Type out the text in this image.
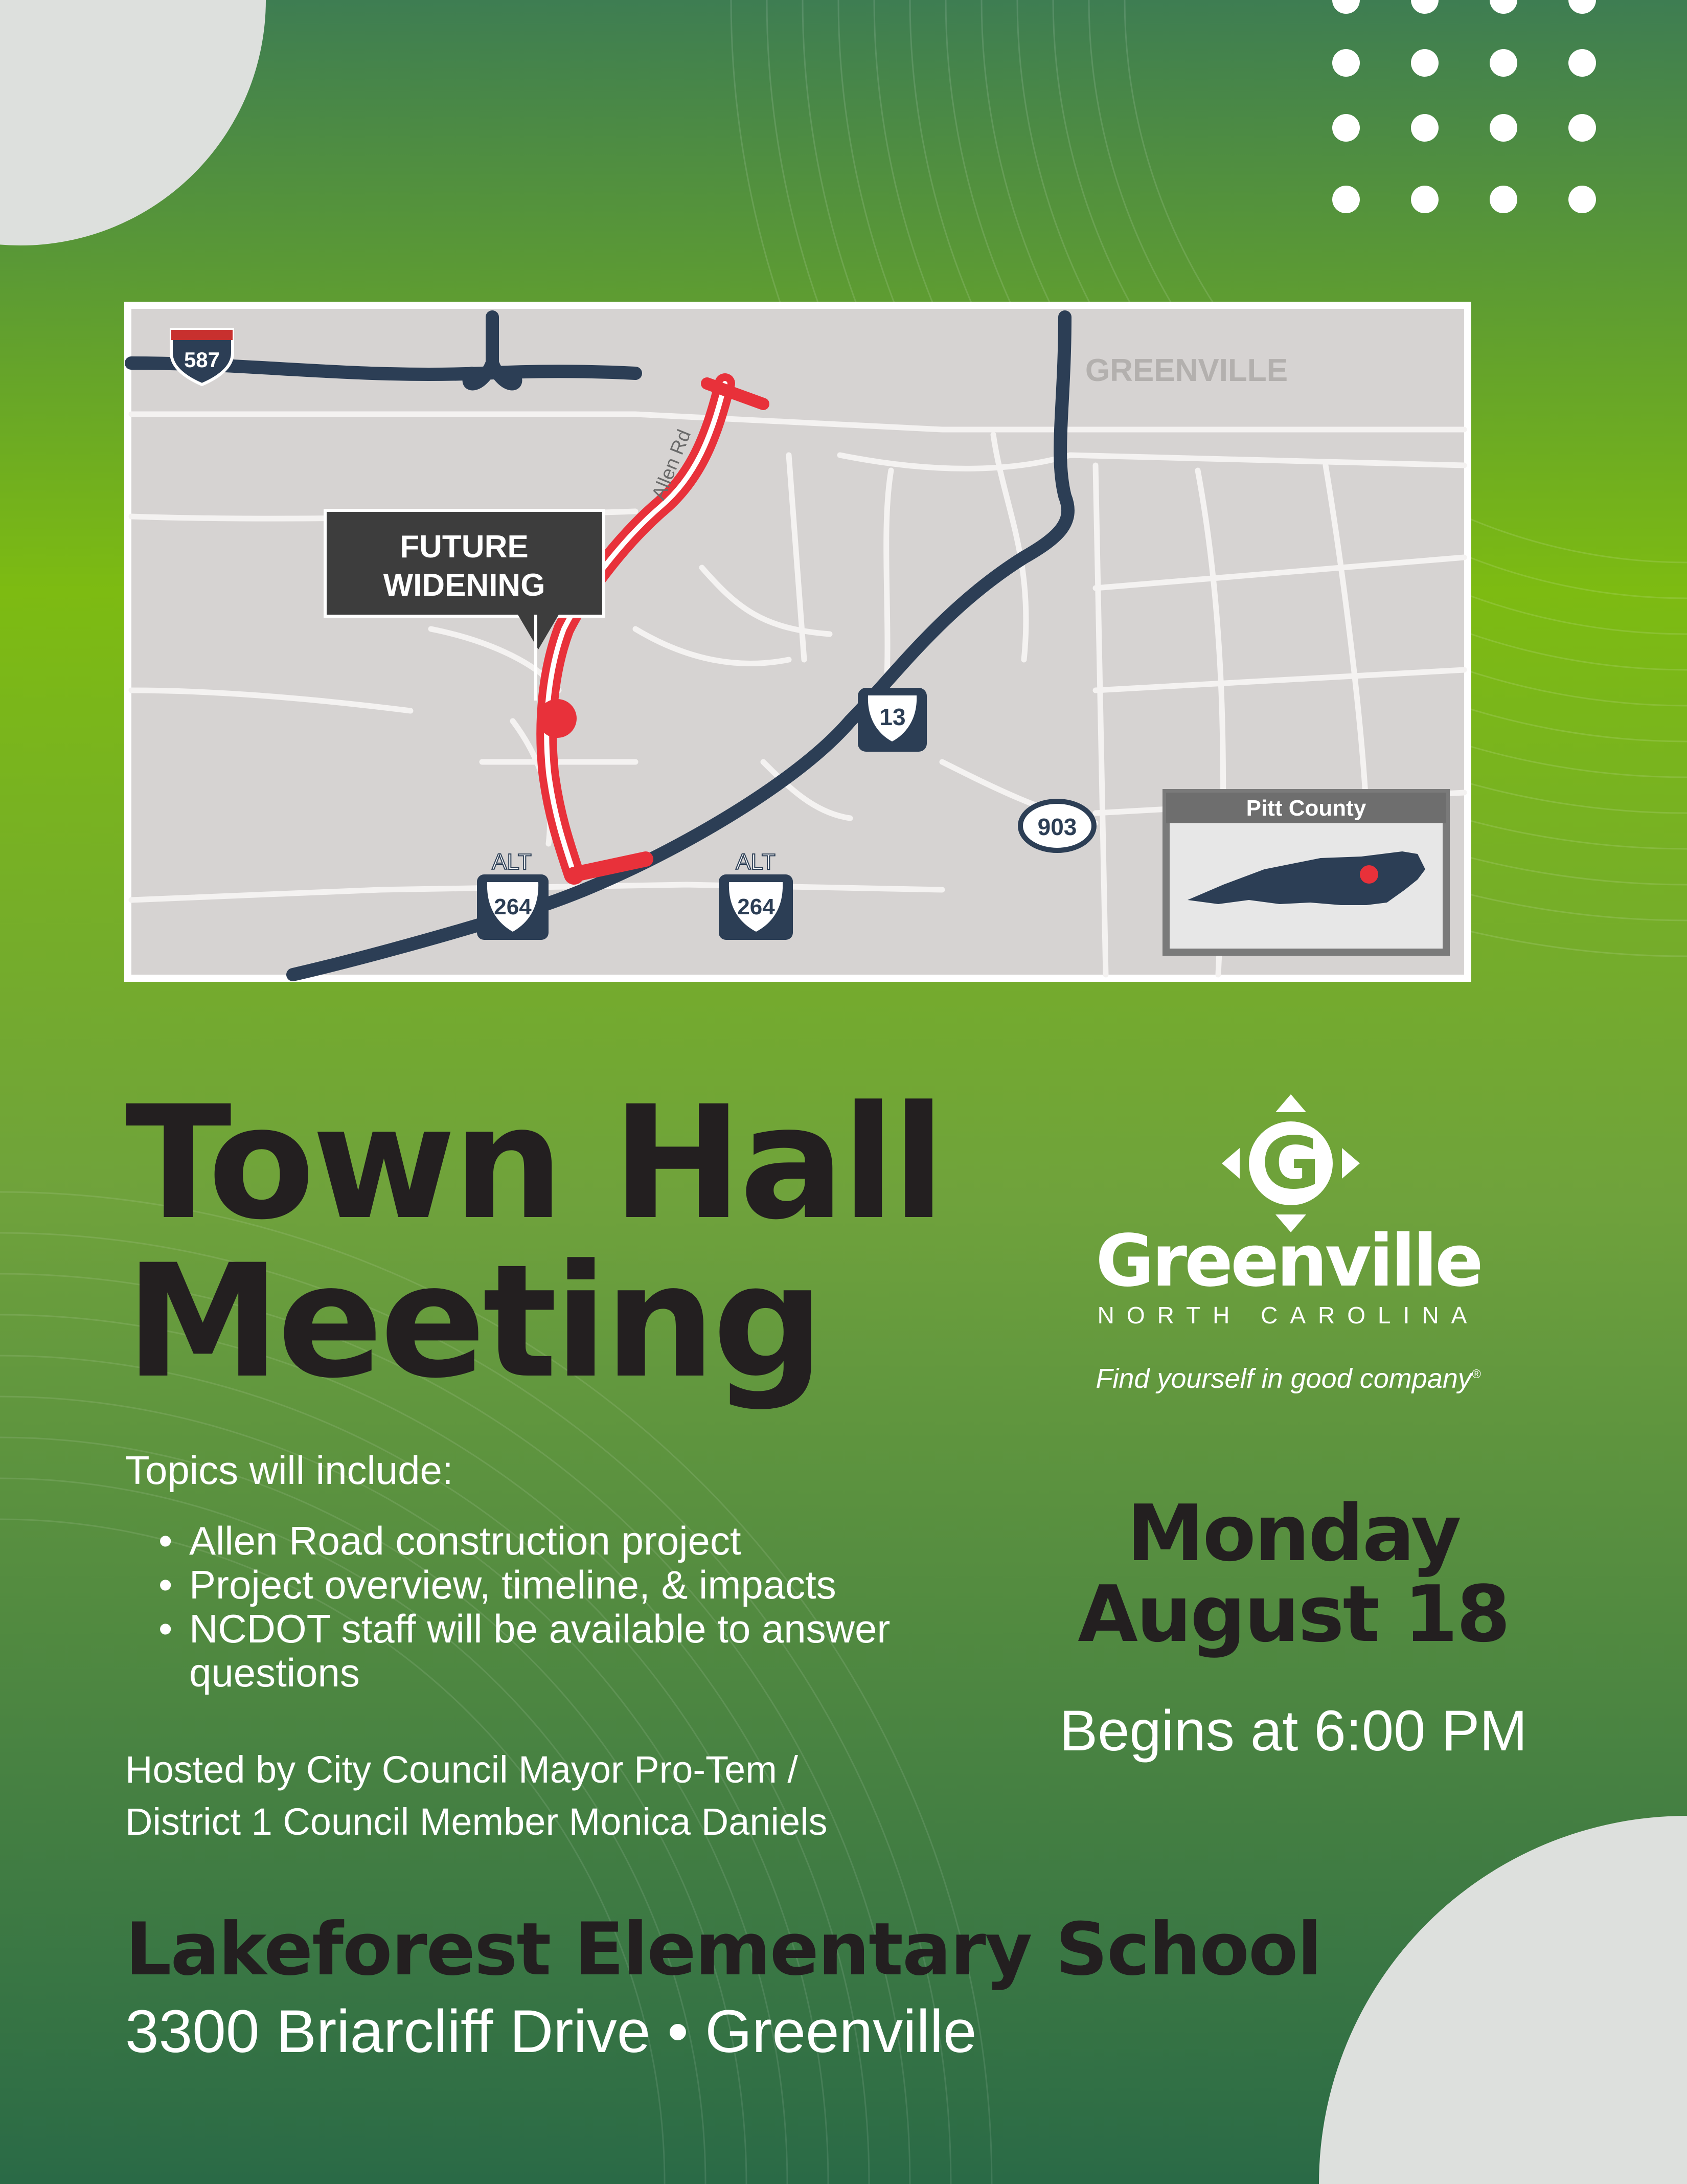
FUTURE
WIDENING
GREENVILLE
Allen Rd
587
13
903
ALT
264
ALT
264
Pitt County
Town Hall
Meeting
Topics will include:
• Allen Road construction project
• Project overview, timeline, & impacts
• NCDOT staff will be available to answer questions
Hosted by City Council Mayor Pro-Tem /
District 1 Council Member Monica Daniels
Lakeforest Elementary School
3300 Briarcliff Drive • Greenville
G
Greenville
NORTH CAROLINA
Find yourself in good company®
Monday
August 18
Begins at 6:00 PM
